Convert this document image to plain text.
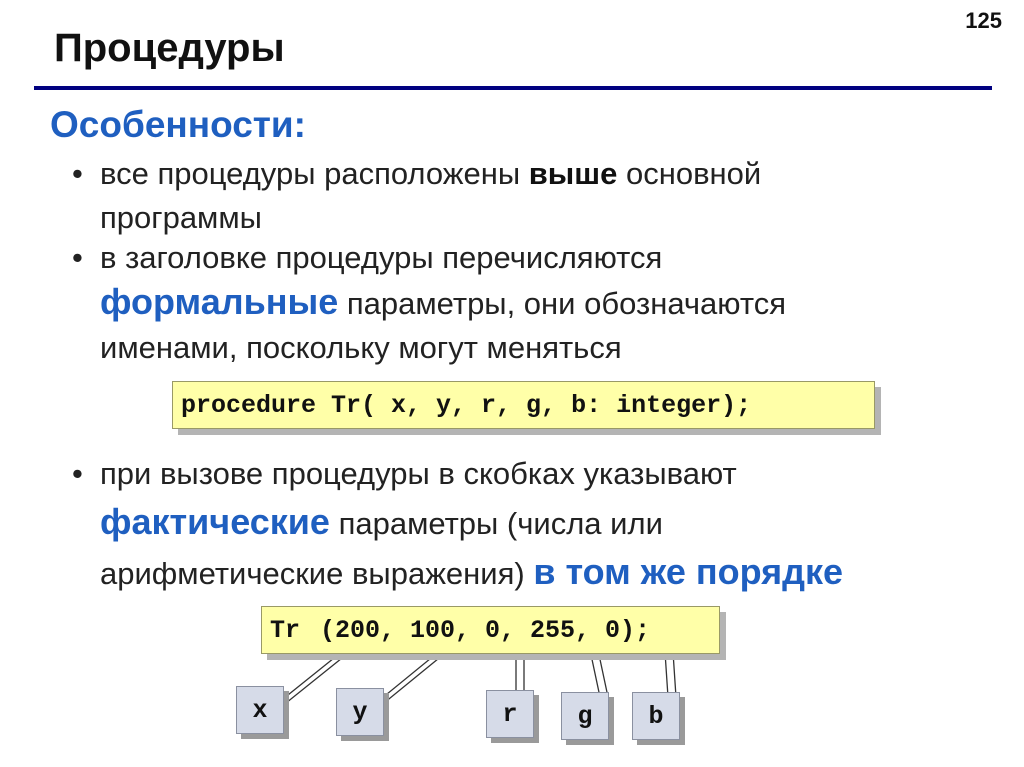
125
Процедуры
Особенности:
• все процедуры расположены выше основной
программы
• в заголовке процедуры перечисляются
формальные параметры, они обозначаются
именами, поскольку могут меняться
procedure Tr( x, y, r, g, b: integer);
• при вызове процедуры в скобках указывают
фактические параметры (числа или
арифметические выражения) в том же порядке
Tr (200, 100, 0, 255, 0);
x	y	r	g	b
